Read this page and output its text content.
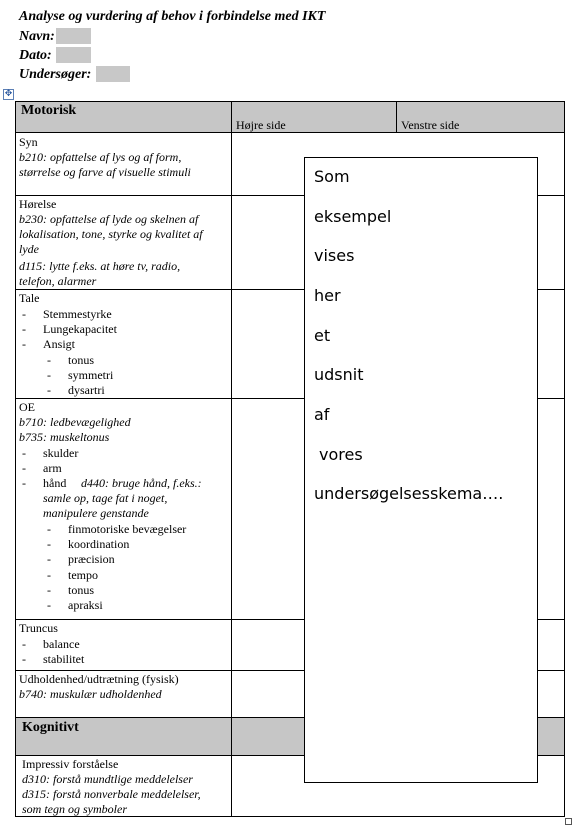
Analyse og vurdering af behov i forbindelse med IKT
Navn:
Dato:
Undersøger:
✥
Motorisk
Højre side	Venstre side
Syn
b210: opfattelse af lys og af form,
størrelse og farve af visuelle stimuli
Hørelse
b230: opfattelse af lyde og skelnen af
lokalisation, tone, styrke og kvalitet af
lyde
d115: lytte f.eks. at høre tv, radio,
telefon, alarmer
Tale
- Stemmestyrke
- Lungekapacitet
- Ansigt
- tonus
- symmetri
- dysartri
OE
b710: ledbevægelighed
b735: muskeltonus
- skulder
- arm
- hånd d440: bruge hånd, f.eks.:
samle op, tage fat i noget,
manipulere genstande
- finmotoriske bevægelser
- koordination
- præcision
- tempo
- tonus
- apraksi
Truncus
- balance
- stabilitet
Udholdenhed/udtrætning (fysisk)
b740: muskulær udholdenhed
Kognitivt
Impressiv forståelse
d310: forstå mundtlige meddelelser
d315: forstå nonverbale meddelelser,
som tegn og symboler
Som
eksempel
vises
her
et
udsnit
af
vores
undersøgelsesskema….
